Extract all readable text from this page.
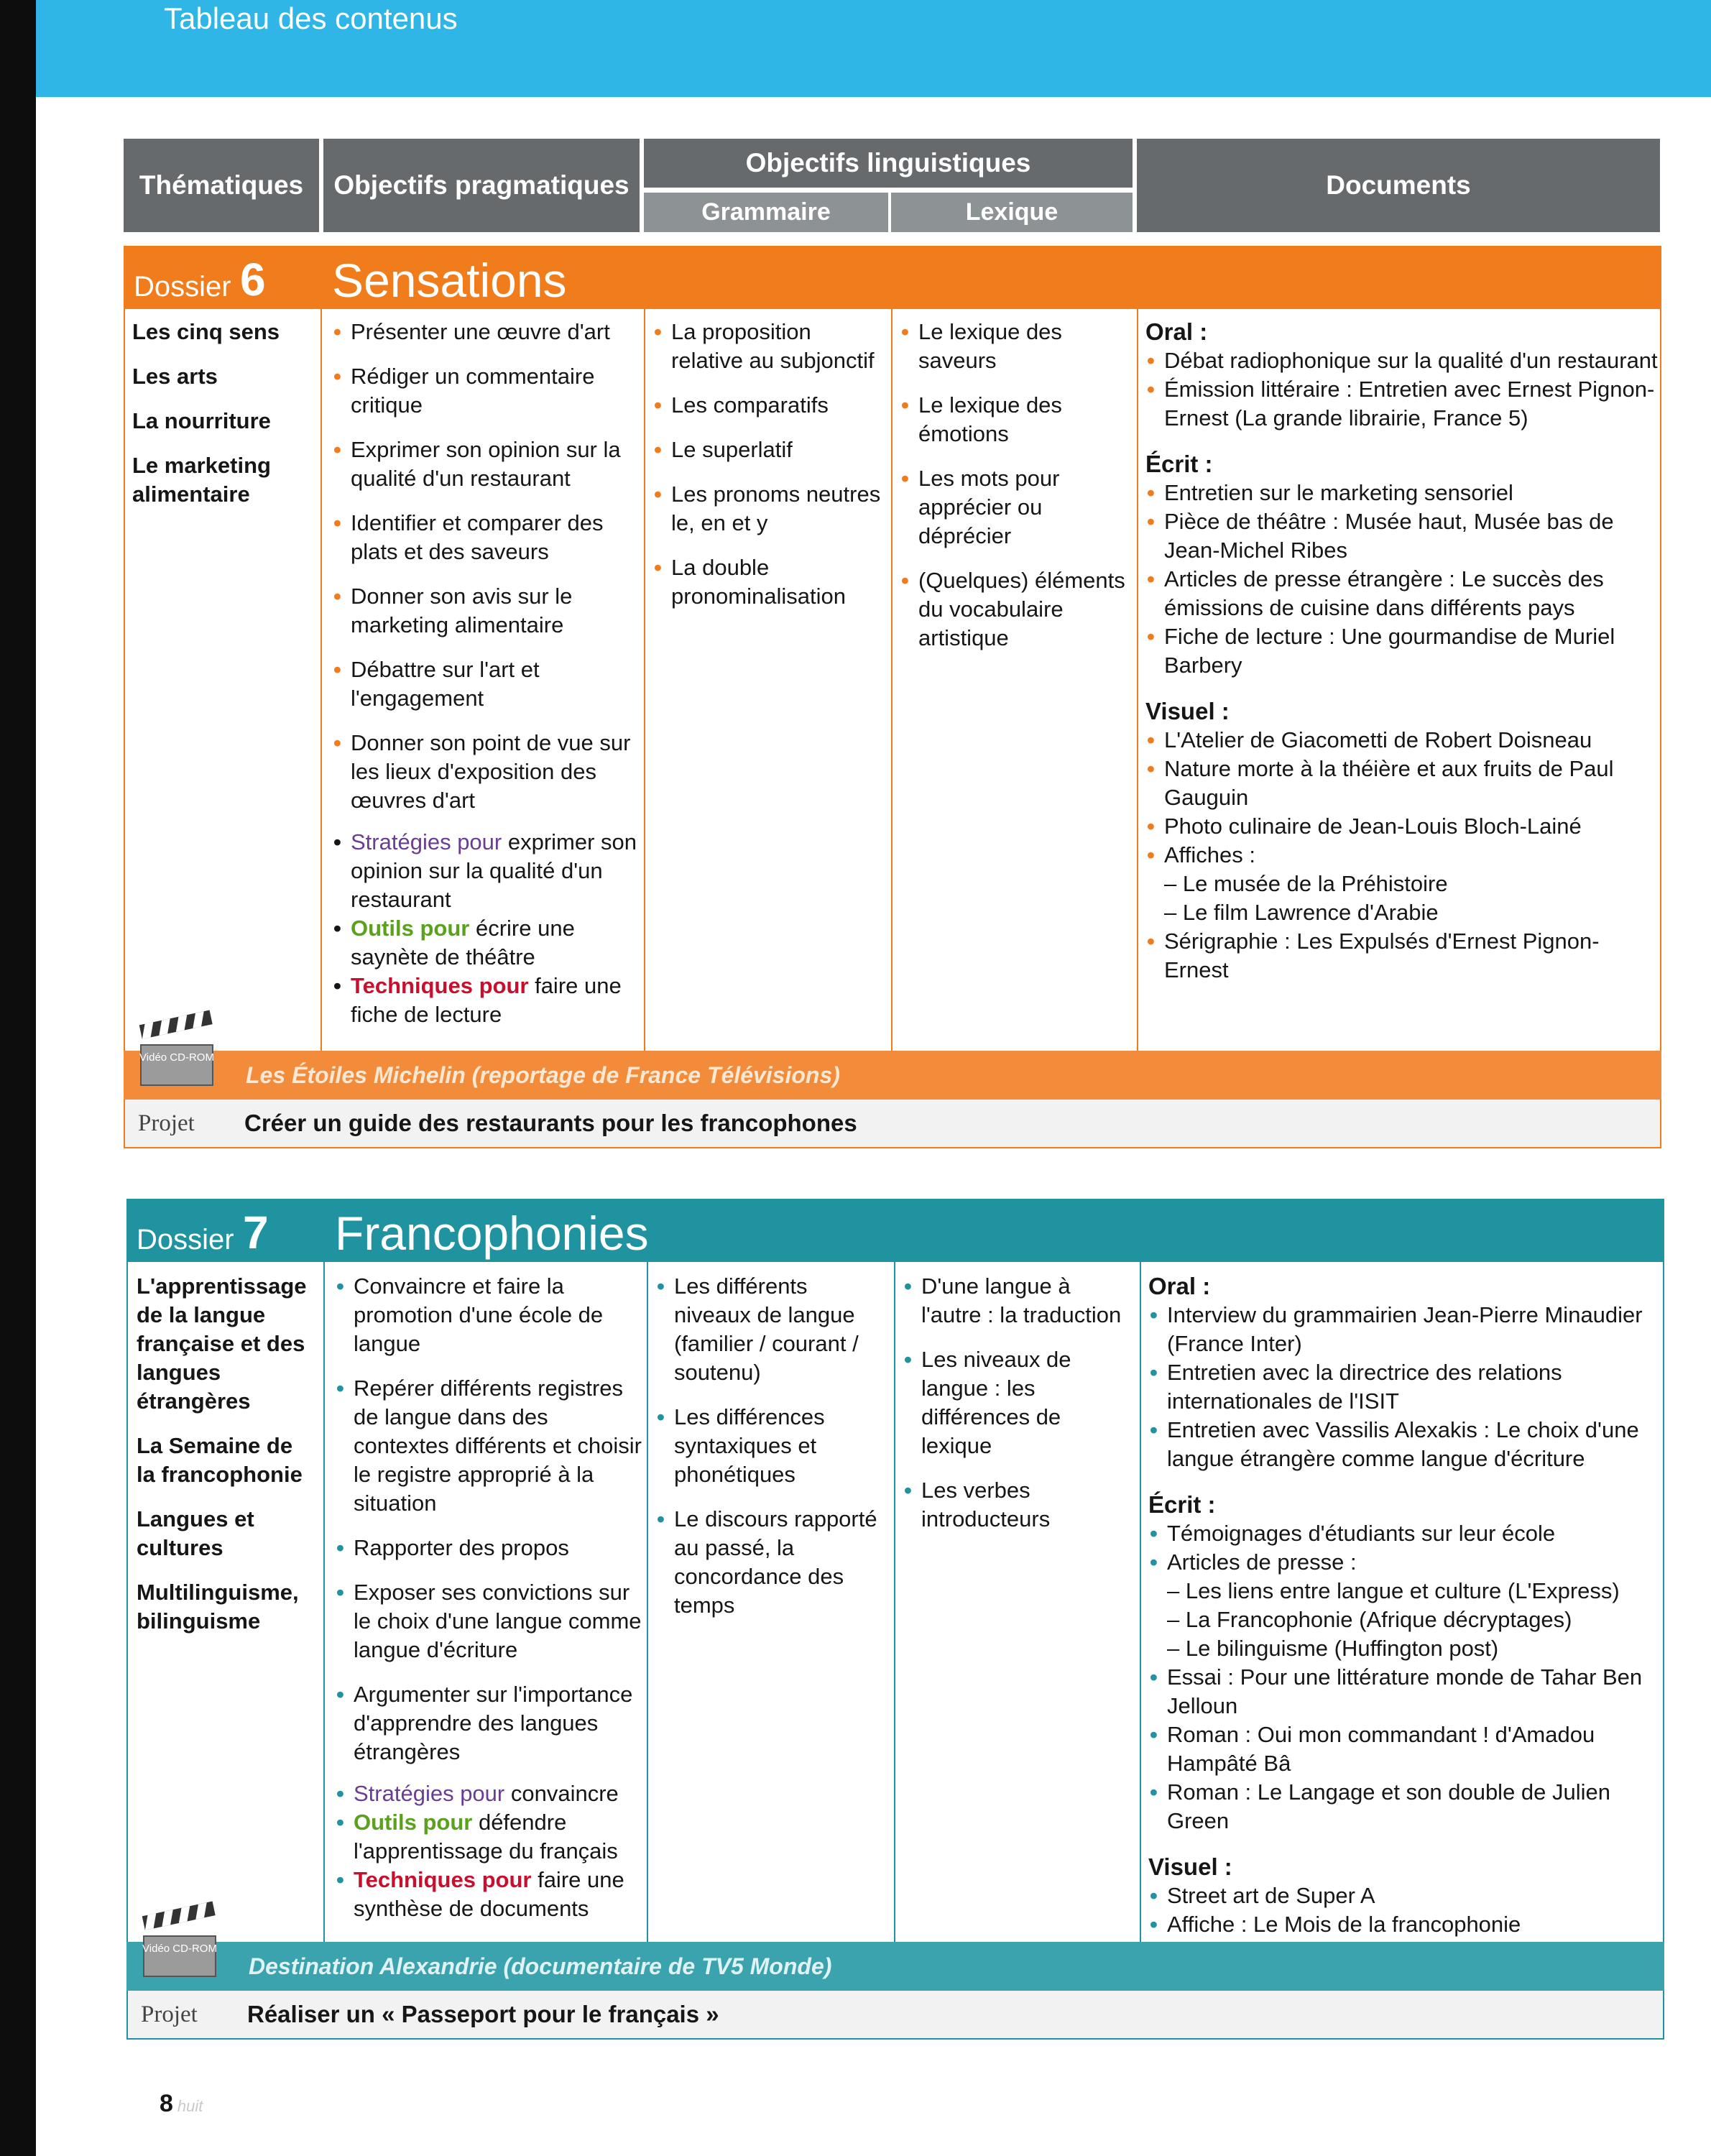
Tableau des contenus
Thématiques	Objectifs pragmatiques
Objectifs linguistiques
Grammaire	Lexique
Documents
Dossier 6 Sensations

Les cinq sens

Les arts

La nourriture

Le marketing alimentaire

• Présenter une œuvre d'art
• Rédiger un commentaire critique
• Exprimer son opinion sur la qualité d'un restaurant
• Identifier et comparer des plats et des saveurs
• Donner son avis sur le marketing alimentaire
• Débattre sur l'art et l'engagement
• Donner son point de vue sur les lieux d'exposition des œuvres d'art
• Stratégies pour exprimer son opinion sur la qualité d'un restaurant
• Outils pour écrire une saynète de théâtre
• Techniques pour faire une fiche de lecture
• La proposition relative au subjonctif
• Les comparatifs
• Le superlatif
• Les pronoms neutres le, en et y
• La double pronominalisation
• Le lexique des saveurs
• Le lexique des émotions
• Les mots pour apprécier ou déprécier
• (Quelques) éléments du vocabulaire artistique
Oral :
• Débat radiophonique sur la qualité d'un restaurant
• Émission littéraire : Entretien avec Ernest Pignon-Ernest (La grande librairie, France 5)
Écrit :
• Entretien sur le marketing sensoriel
• Pièce de théâtre : Musée haut, Musée bas de Jean-Michel Ribes
• Articles de presse étrangère : Le succès des émissions de cuisine dans différents pays
• Fiche de lecture : Une gourmandise de Muriel Barbery
Visuel :
• L'Atelier de Giacometti de Robert Doisneau
• Nature morte à la théière et aux fruits de Paul Gauguin
• Photo culinaire de Jean-Louis Bloch-Lainé
• Affiches :
– Le musée de la Préhistoire
– Le film Lawrence d'Arabie
• Sérigraphie : Les Expulsés d'Ernest Pignon-Ernest
Vidéo CD-ROM
Les Étoiles Michelin (reportage de France Télévisions)
Projet Créer un guide des restaurants pour les francophones
Dossier 7 Francophonies

L'apprentissage de la langue française et des langues étrangères

La Semaine de la francophonie

Langues et cultures

Multilinguisme, bilinguisme

• Convaincre et faire la promotion d'une école de langue
• Repérer différents registres de langue dans des contextes différents et choisir le registre approprié à la situation
• Rapporter des propos
• Exposer ses convictions sur le choix d'une langue comme langue d'écriture
• Argumenter sur l'importance d'apprendre des langues étrangères
• Stratégies pour convaincre
• Outils pour défendre l'apprentissage du français
• Techniques pour faire une synthèse de documents
• Les différents niveaux de langue (familier / courant / soutenu)
• Les différences syntaxiques et phonétiques
• Le discours rapporté au passé, la concordance des temps
• D'une langue à l'autre : la traduction
• Les niveaux de langue : les différences de lexique
• Les verbes introducteurs
Oral :
• Interview du grammairien Jean-Pierre Minaudier (France Inter)
• Entretien avec la directrice des relations internationales de l'ISIT
• Entretien avec Vassilis Alexakis : Le choix d'une langue étrangère comme langue d'écriture
Écrit :
• Témoignages d'étudiants sur leur école
• Articles de presse :
– Les liens entre langue et culture (L'Express)
– La Francophonie (Afrique décryptages)
– Le bilinguisme (Huffington post)
• Essai : Pour une littérature monde de Tahar Ben Jelloun
• Roman : Oui mon commandant ! d'Amadou Hampâté Bâ
• Roman : Le Langage et son double de Julien Green
Visuel :
• Street art de Super A
• Affiche : Le Mois de la francophonie
Vidéo CD-ROM
Destination Alexandrie (documentaire de TV5 Monde)
Projet Réaliser un « Passeport pour le français »
8 huit
